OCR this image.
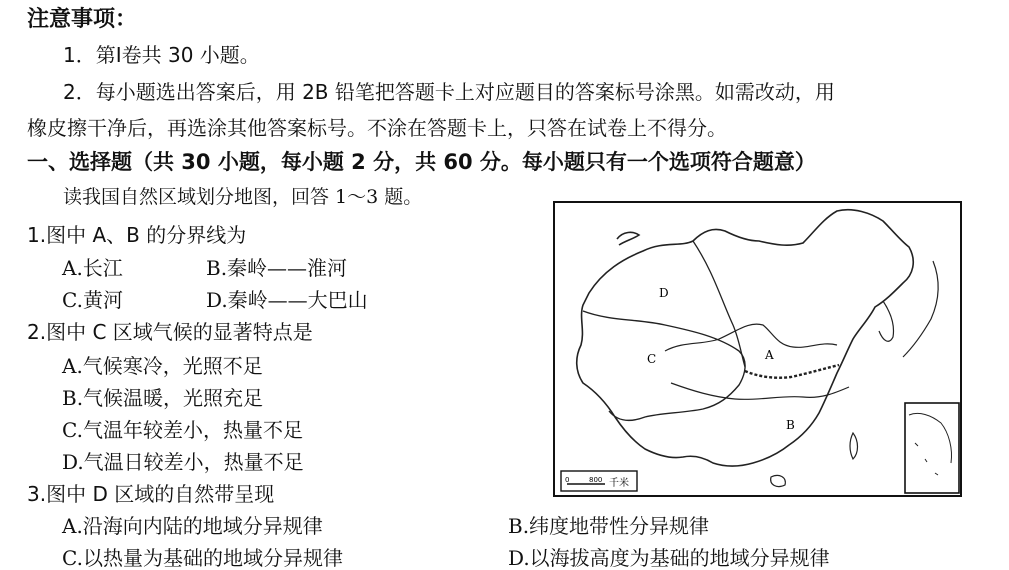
注意事项：
1．第Ⅰ卷共 30 小题。
2．每小题选出答案后，用 2B 铅笔把答题卡上对应题目的答案标号涂黑。如需改动，用
橡皮擦干净后，再选涂其他答案标号。不涂在答题卡上，只答在试卷上不得分。
一、选择题（共 30 小题，每小题 2 分，共 60 分。每小题只有一个选项符合题意）
读我国自然区域划分地图，回答 1～3 题。
1.图中 A、B 的分界线为
A.长江	B.秦岭——淮河
C.黄河	D.秦岭——大巴山
2.图中 C 区域气候的显著特点是
A.气候寒冷，光照不足
B.气候温暖，光照充足
C.气温年较差小，热量不足
D.气温日较差小，热量不足
3.图中 D 区域的自然带呈现
A.沿海向内陆的地域分异规律	B.纬度地带性分异规律
C.以热量为基础的地域分异规律	D.以海拔高度为基础的地域分异规律
0	800 千米
D
C	A
B
